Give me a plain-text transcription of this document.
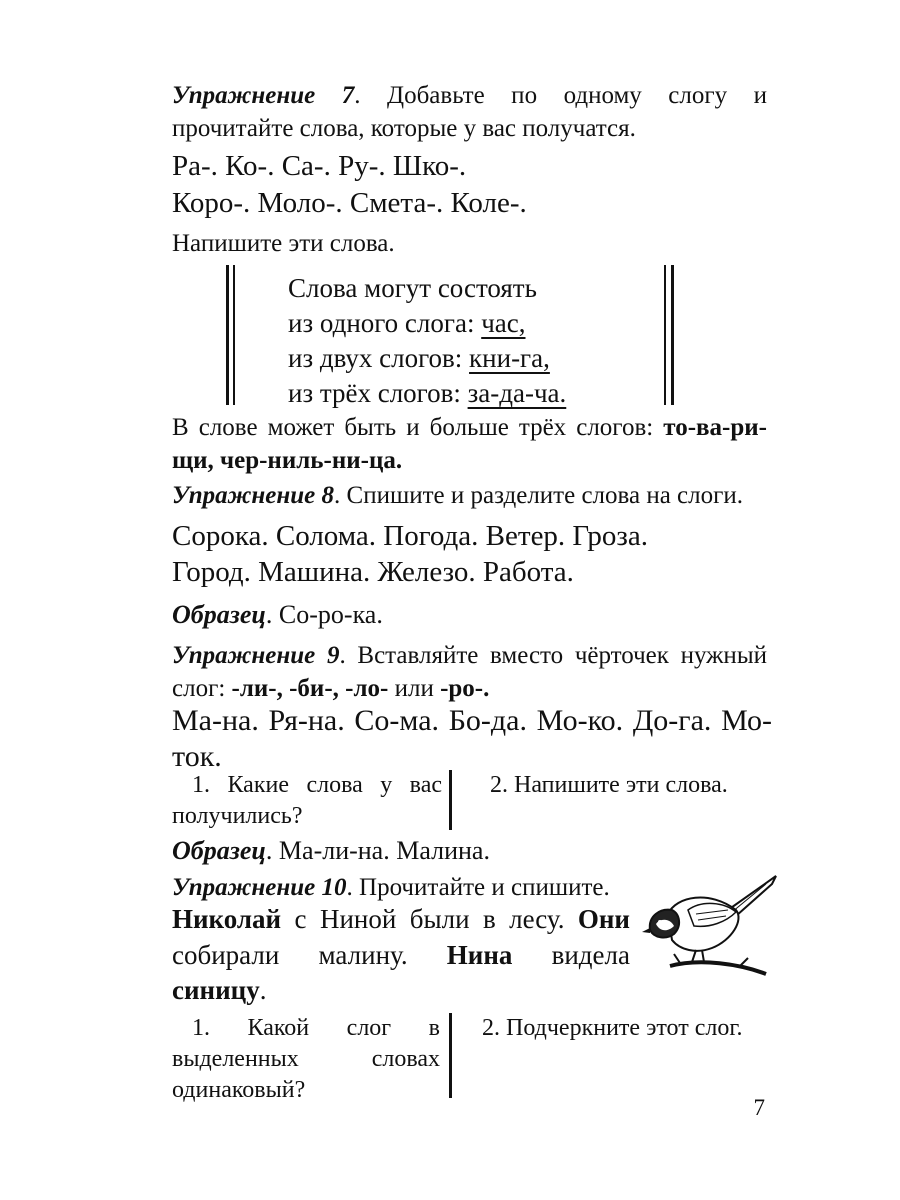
Упражнение 7. Добавьте по одному слогу и прочитайте слова, которые у вас получатся.

Ра-. Ко-. Са-. Ру-. Шко-.

Коро-. Моло-. Смета-. Коле-.

Напишите эти слова.

Слова могут состоять
из одного слога: час,
из двух слогов: кни-га,
из трёх слогов: за-да-ча.

В слове может быть и больше трёх слогов: то-ва-ри-щи, чер-ниль-ни-ца.

Упражнение 8. Спишите и разделите слова на слоги.

Сорока. Солома. Погода. Ветер. Гроза.

Город. Машина. Железо. Работа.

Образец. Со-ро-ка.

Упражнение 9. Вставляйте вместо чёрточек нужный слог: -ли-, -би-, -ло- или -ро-.

Ма-на. Ря-на. Со-ма. Бо-да. Мо-ко. До-га. Мо-ток.

1. Какие слова у вас получились?
2. Напишите эти слова.

Образец. Ма-ли-на. Малина.

Упражнение 10. Прочитайте и спишите.

Николай с Ниной были в лесу. Они собирали малину. Нина видела синицу.

1. Какой слог в выделенных словах одинаковый?
2. Подчеркните этот слог.
7
